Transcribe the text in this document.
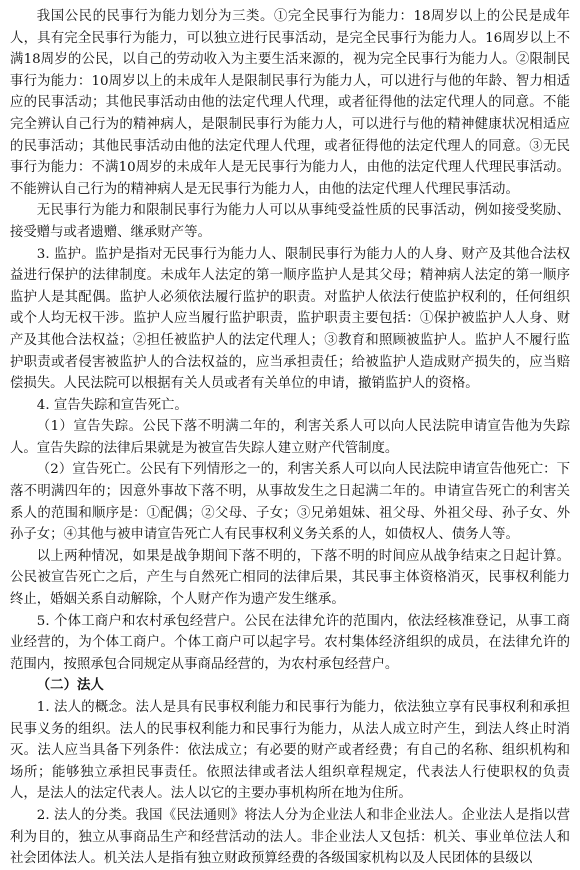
我国公民的民事行为能力划分为三类。①完全民事行为能力：18周岁以上的公民是成年人，具有完全民事行为能力，可以独立进行民事活动，是完全民事行为能力人。16周岁以上不满18周岁的公民，以自己的劳动收入为主要生活来源的，视为完全民事行为能力人。②限制民事行为能力：10周岁以上的未成年人是限制民事行为能力人，可以进行与他的年龄、智力相适应的民事活动；其他民事活动由他的法定代理人代理，或者征得他的法定代理人的同意。不能完全辨认自己行为的精神病人，是限制民事行为能力人，可以进行与他的精神健康状况相适应的民事活动；其他民事活动由他的法定代理人代理，或者征得他的法定代理人的同意。③无民事行为能力：不满10周岁的未成年人是无民事行为能力人，由他的法定代理人代理民事活动。不能辨认自己行为的精神病人是无民事行为能力人，由他的法定代理人代理民事活动。

无民事行为能力和限制民事行为能力人可以从事纯受益性质的民事活动，例如接受奖励、接受赠与或者遗赠、继承财产等。

3. 监护。监护是指对无民事行为能力人、限制民事行为能力人的人身、财产及其他合法权益进行保护的法律制度。未成年人法定的第一顺序监护人是其父母；精神病人法定的第一顺序监护人是其配偶。监护人必须依法履行监护的职责。对监护人依法行使监护权利的，任何组织或个人均无权干涉。监护人应当履行监护职责，监护职责主要包括：①保护被监护人人身、财产及其他合法权益；②担任被监护人的法定代理人；③教育和照顾被监护人。监护人不履行监护职责或者侵害被监护人的合法权益的，应当承担责任；给被监护人造成财产损失的，应当赔偿损失。人民法院可以根据有关人员或者有关单位的申请，撤销监护人的资格。

4. 宣告失踪和宣告死亡。

（1）宣告失踪。公民下落不明满二年的，利害关系人可以向人民法院申请宣告他为失踪人。宣告失踪的法律后果就是为被宣告失踪人建立财产代管制度。

（2）宣告死亡。公民有下列情形之一的，利害关系人可以向人民法院申请宣告他死亡：下落不明满四年的；因意外事故下落不明，从事故发生之日起满二年的。申请宣告死亡的利害关系人的范围和顺序是：①配偶；②父母、子女；③兄弟姐妹、祖父母、外祖父母、孙子女、外孙子女；④其他与被申请宣告死亡人有民事权利义务关系的人，如债权人、债务人等。

以上两种情况，如果是战争期间下落不明的，下落不明的时间应从战争结束之日起计算。公民被宣告死亡之后，产生与自然死亡相同的法律后果，其民事主体资格消灭，民事权利能力终止，婚姻关系自动解除，个人财产作为遗产发生继承。

5. 个体工商户和农村承包经营户。公民在法律允许的范围内，依法经核准登记，从事工商业经营的，为个体工商户。个体工商户可以起字号。农村集体经济组织的成员，在法律允许的范围内，按照承包合同规定从事商品经营的，为农村承包经营户。

（二）法人

1. 法人的概念。法人是具有民事权利能力和民事行为能力，依法独立享有民事权利和承担民事义务的组织。法人的民事权利能力和民事行为能力，从法人成立时产生，到法人终止时消灭。法人应当具备下列条件：依法成立；有必要的财产或者经费；有自己的名称、组织机构和场所；能够独立承担民事责任。依照法律或者法人组织章程规定，代表法人行使职权的负责人，是法人的法定代表人。法人以它的主要办事机构所在地为住所。

2. 法人的分类。我国《民法通则》将法人分为企业法人和非企业法人。企业法人是指以营利为目的，独立从事商品生产和经营活动的法人。非企业法人又包括：机关、事业单位法人和社会团体法人。机关法人是指有独立财政预算经费的各级国家机构以及人民团体的县级以
